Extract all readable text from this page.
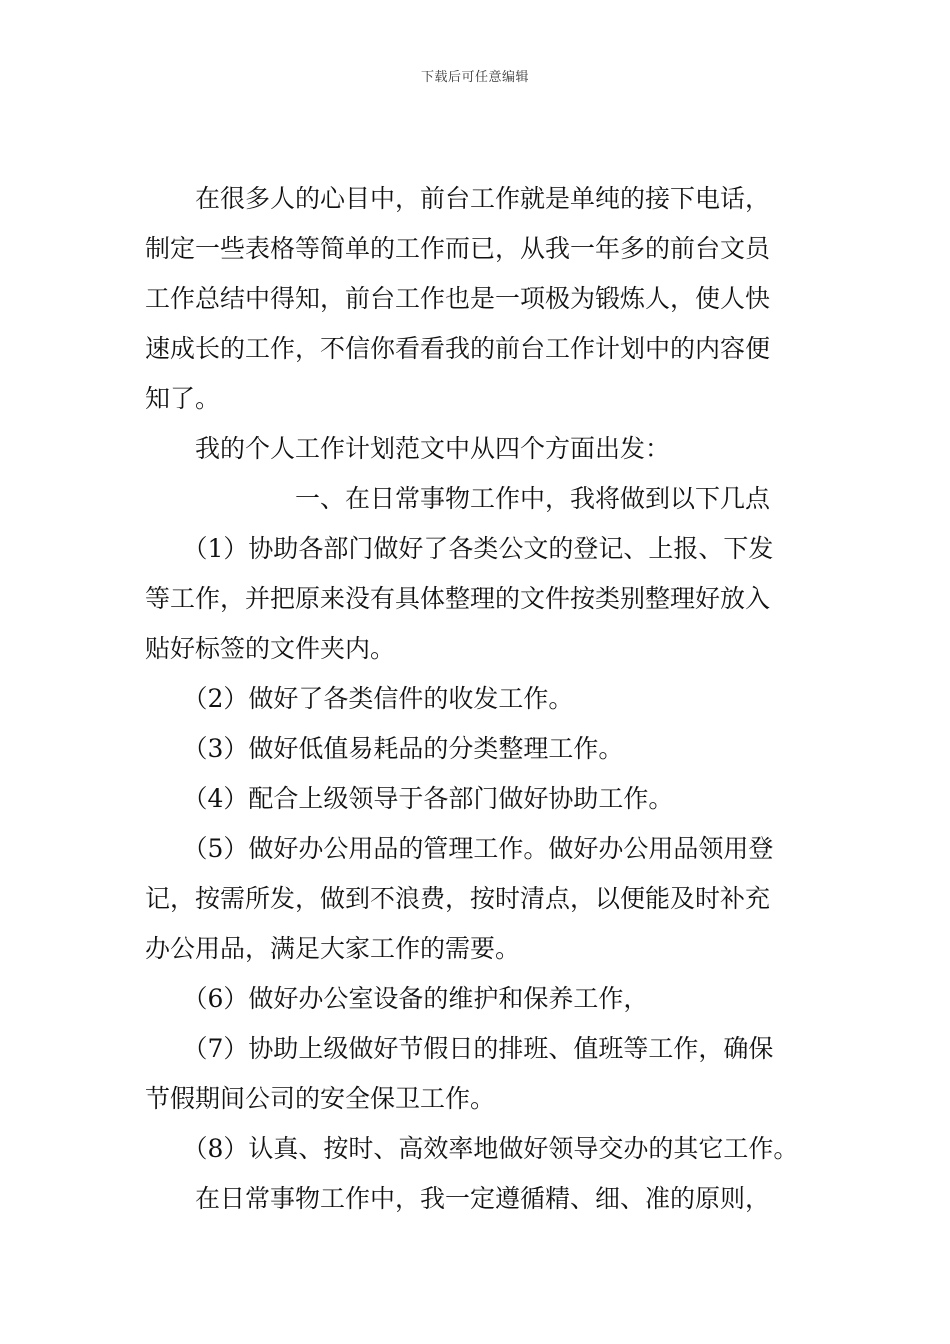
下载后可任意编辑
　　在很多人的心目中，前台工作就是单纯的接下电话，
制定一些表格等简单的工作而已，从我一年多的前台文员
工作总结中得知，前台工作也是一项极为锻炼人，使人快
速成长的工作，不信你看看我的前台工作计划中的内容便
知了。
　　我的个人工作计划范文中从四个方面出发：
　　　　　　一、在日常事物工作中，我将做到以下几点
　　（1）协助各部门做好了各类公文的登记、上报、下发
等工作，并把原来没有具体整理的文件按类别整理好放入
贴好标签的文件夹内。
　　（2）做好了各类信件的收发工作。
　　（3）做好低值易耗品的分类整理工作。
　　（4）配合上级领导于各部门做好协助工作。
　　（5）做好办公用品的管理工作。做好办公用品领用登
记，按需所发，做到不浪费，按时清点，以便能及时补充
办公用品，满足大家工作的需要。
　　（6）做好办公室设备的维护和保养工作，
　　（7）协助上级做好节假日的排班、值班等工作，确保
节假期间公司的安全保卫工作。
　　（8）认真、按时、高效率地做好领导交办的其它工作。
　　在日常事物工作中，我一定遵循精、细、准的原则，
